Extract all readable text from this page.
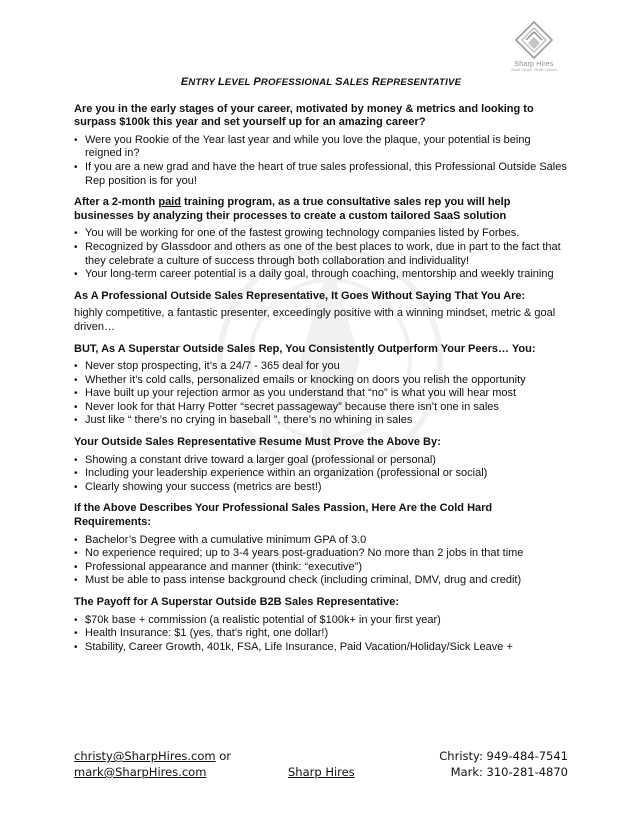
Sharp Hires
Smart People, Smart Careers
ENTRY LEVEL PROFESSIONAL SALES REPRESENTATIVE
Are you in the early stages of your career, motivated by money & metrics and looking to surpass $100k this year and set yourself up for an amazing career?
• Were you Rookie of the Year last year and while you love the plaque, your potential is being reigned in?
• If you are a new grad and have the heart of true sales professional, this Professional Outside Sales Rep position is for you!
After a 2-month paid training program, as a true consultative sales rep you will help businesses by analyzing their processes to create a custom tailored SaaS solution
• You will be working for one of the fastest growing technology companies listed by Forbes.
• Recognized by Glassdoor and others as one of the best places to work, due in part to the fact that they celebrate a culture of success through both collaboration and individuality!
• Your long-term career potential is a daily goal, through coaching, mentorship and weekly training
As A Professional Outside Sales Representative, It Goes Without Saying That You Are:
highly competitive, a fantastic presenter, exceedingly positive with a winning mindset, metric & goal driven…
BUT, As A Superstar Outside Sales Rep, You Consistently Outperform Your Peers… You:
• Never stop prospecting, it’s a 24/7 - 365 deal for you
• Whether it’s cold calls, personalized emails or knocking on doors you relish the opportunity
• Have built up your rejection armor as you understand that “no” is what you will hear most
• Never look for that Harry Potter “secret passageway” because there isn’t one in sales
• Just like “ there’s no crying in baseball ”, there’s no whining in sales
Your Outside Sales Representative Resume Must Prove the Above By:
• Showing a constant drive toward a larger goal (professional or personal)
• Including your leadership experience within an organization (professional or social)
• Clearly showing your success (metrics are best!)
If the Above Describes Your Professional Sales Passion, Here Are the Cold Hard Requirements:
• Bachelor’s Degree with a cumulative minimum GPA of 3.0
• No experience required; up to 3-4 years post-graduation? No more than 2 jobs in that time
• Professional appearance and manner (think: “executive”)
• Must be able to pass intense background check (including criminal, DMV, drug and credit)
The Payoff for A Superstar Outside B2B Sales Representative:
• $70k base + commission (a realistic potential of $100k+ in your first year)
• Health Insurance: $1 (yes, that’s right, one dollar!)
• Stability, Career Growth, 401k, FSA, Life Insurance, Paid Vacation/Holiday/Sick Leave +
christy@SharpHires.com or
mark@SharpHires.com	Sharp Hires
Christy: 949-484-7541
Mark: 310-281-4870
